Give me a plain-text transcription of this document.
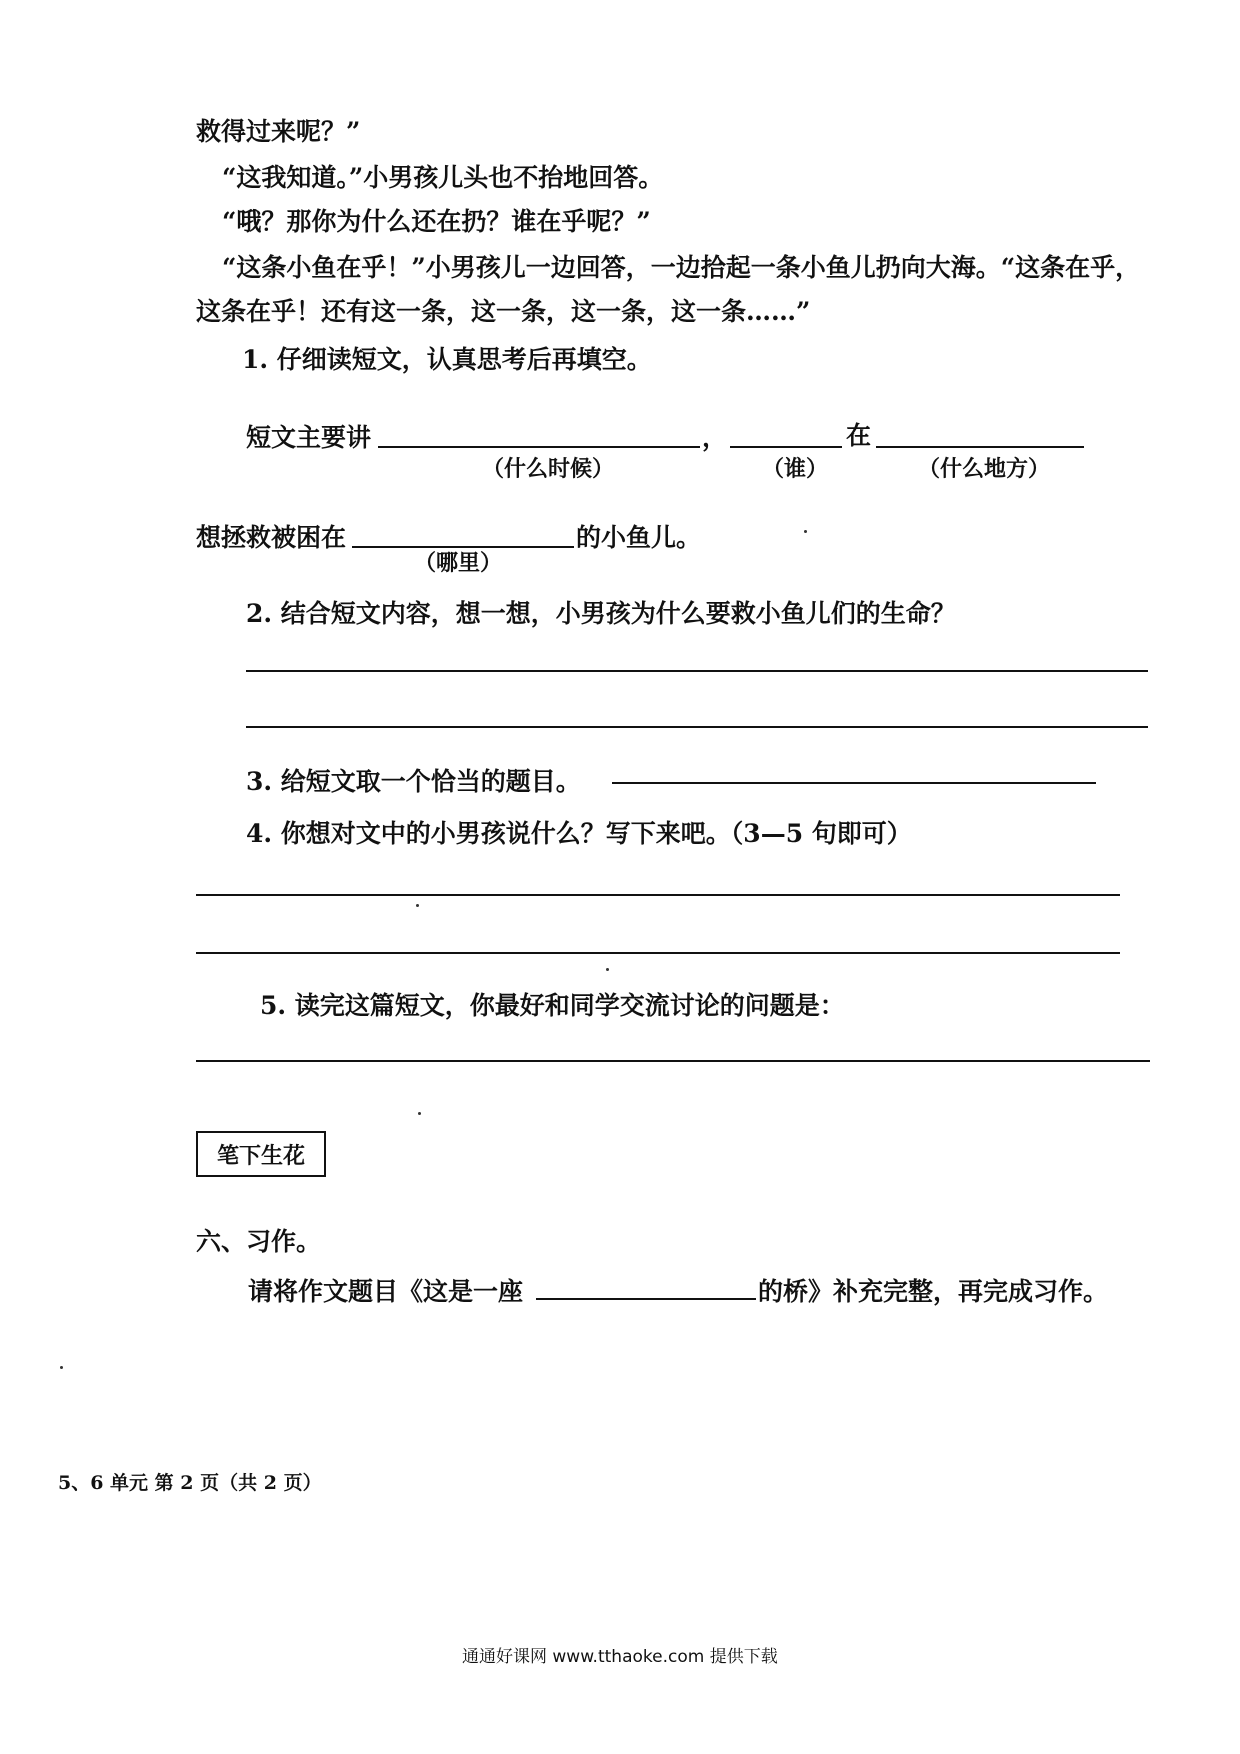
救得过来呢？”
“这我知道。”小男孩儿头也不抬地回答。
“哦？那你为什么还在扔？谁在乎呢？”
“这条小鱼在乎！”小男孩儿一边回答，一边拾起一条小鱼儿扔向大海。“这条在乎，
这条在乎！还有这一条，这一条，这一条，这一条……”
1. 仔细读短文，认真思考后再填空。
短文主要讲	，	在
（什么时候）	（谁）	（什么地方）
想拯救被困在	的小鱼儿。
（哪里）
2. 结合短文内容，想一想，小男孩为什么要救小鱼儿们的生命？
3. 给短文取一个恰当的题目。
4. 你想对文中的小男孩说什么？写下来吧。（3—5 句即可）
5. 读完这篇短文，你最好和同学交流讨论的问题是：
笔下生花
六、习作。
请将作文题目《这是一座	的桥》补充完整，再完成习作。
5、6 单元 第 2 页（共 2 页）
通通好课网 www.tthaoke.com 提供下载
